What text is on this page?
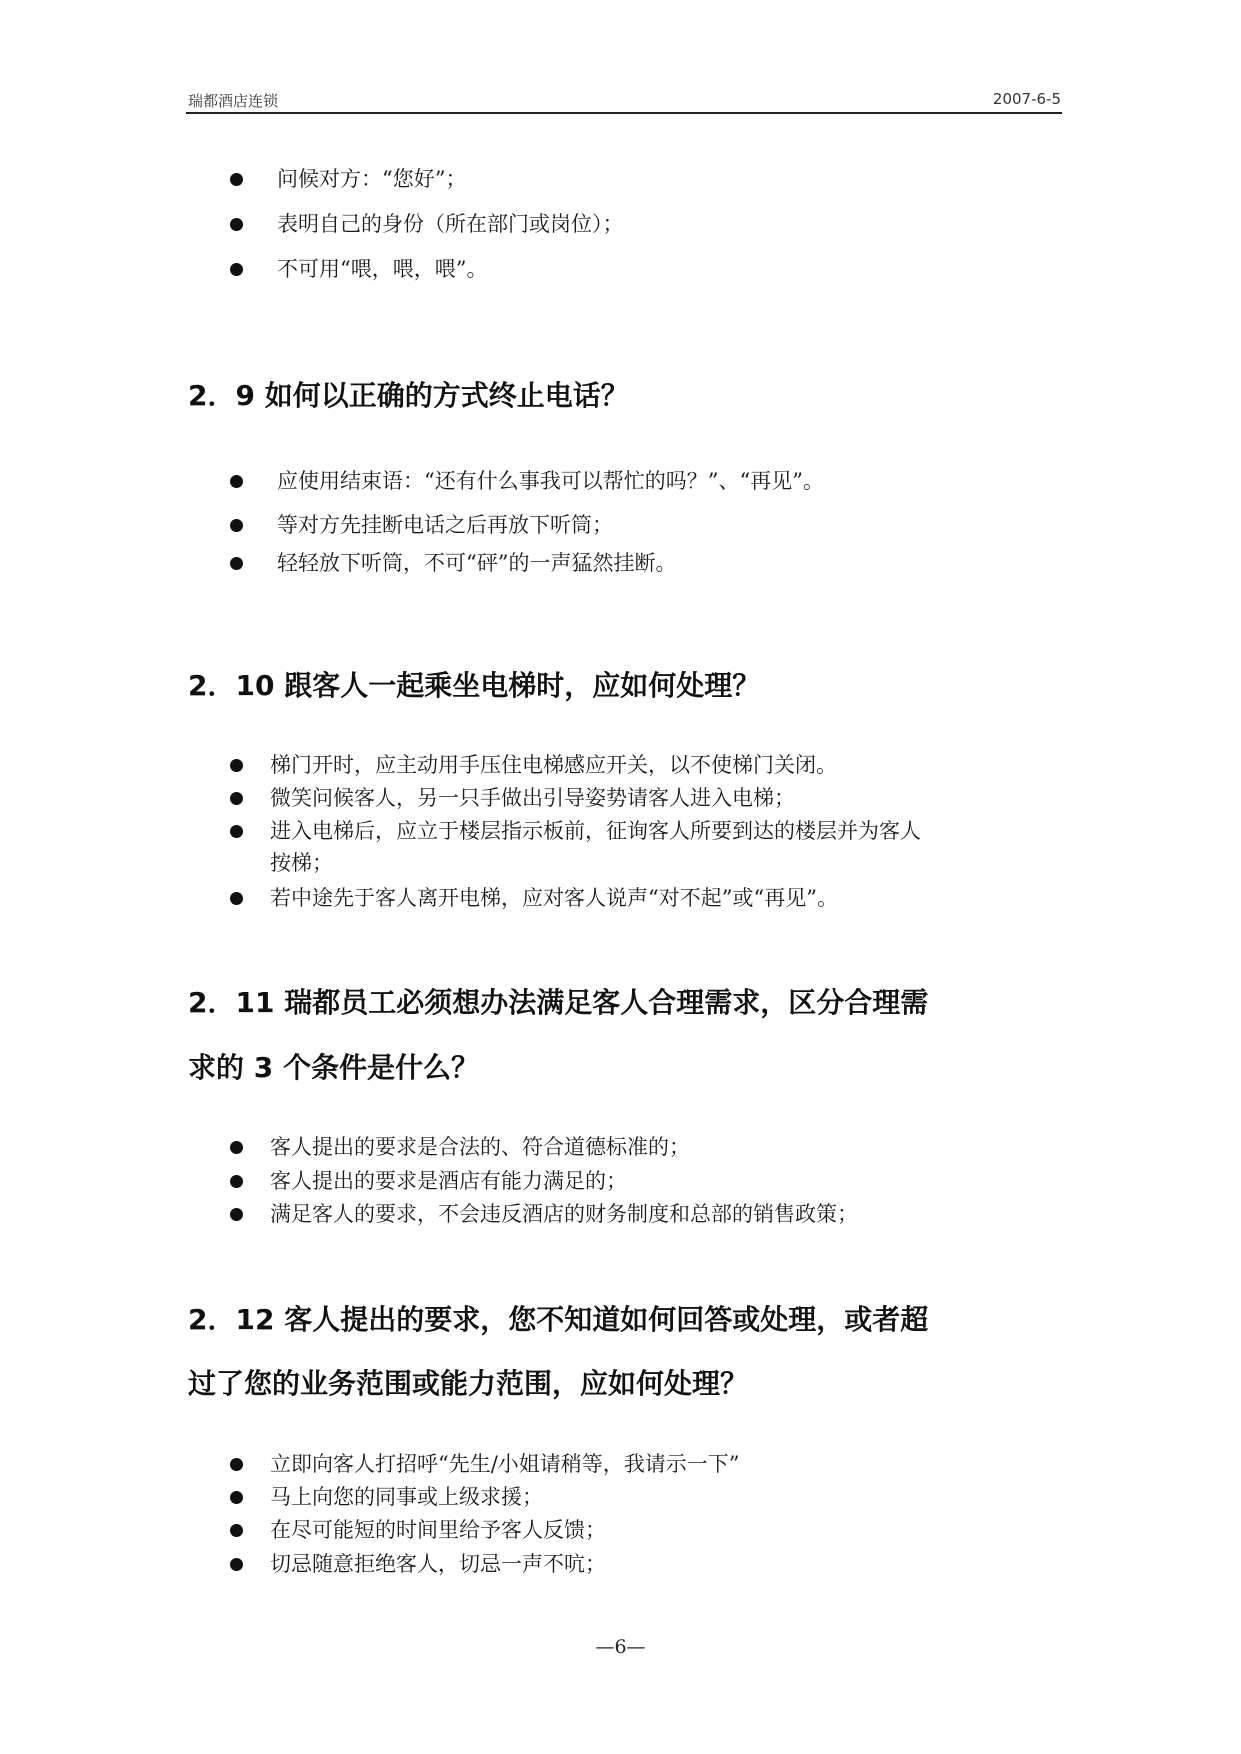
瑞都酒店连锁	2007-6-5
问候对方：“您好”；
表明自己的身份（所在部门或岗位）；
不可用“喂，喂，喂”。
2．9 如何以正确的方式终止电话？
应使用结束语：“还有什么事我可以帮忙的吗？”、“再见”。
等对方先挂断电话之后再放下听筒；
轻轻放下听筒，不可“砰”的一声猛然挂断。
2．10 跟客人一起乘坐电梯时，应如何处理？
梯门开时，应主动用手压住电梯感应开关，以不使梯门关闭。
微笑问候客人，另一只手做出引导姿势请客人进入电梯；
进入电梯后，应立于楼层指示板前，征询客人所要到达的楼层并为客人
按梯；
若中途先于客人离开电梯，应对客人说声“对不起”或“再见”。
2．11 瑞都员工必须想办法满足客人合理需求，区分合理需
求的 3 个条件是什么？
客人提出的要求是合法的、符合道德标准的；
客人提出的要求是酒店有能力满足的；
满足客人的要求，不会违反酒店的财务制度和总部的销售政策；
2．12 客人提出的要求，您不知道如何回答或处理，或者超
过了您的业务范围或能力范围，应如何处理？
立即向客人打招呼“先生/小姐请稍等，我请示一下”
马上向您的同事或上级求援；
在尽可能短的时间里给予客人反馈；
切忌随意拒绝客人，切忌一声不吭；
—6—
